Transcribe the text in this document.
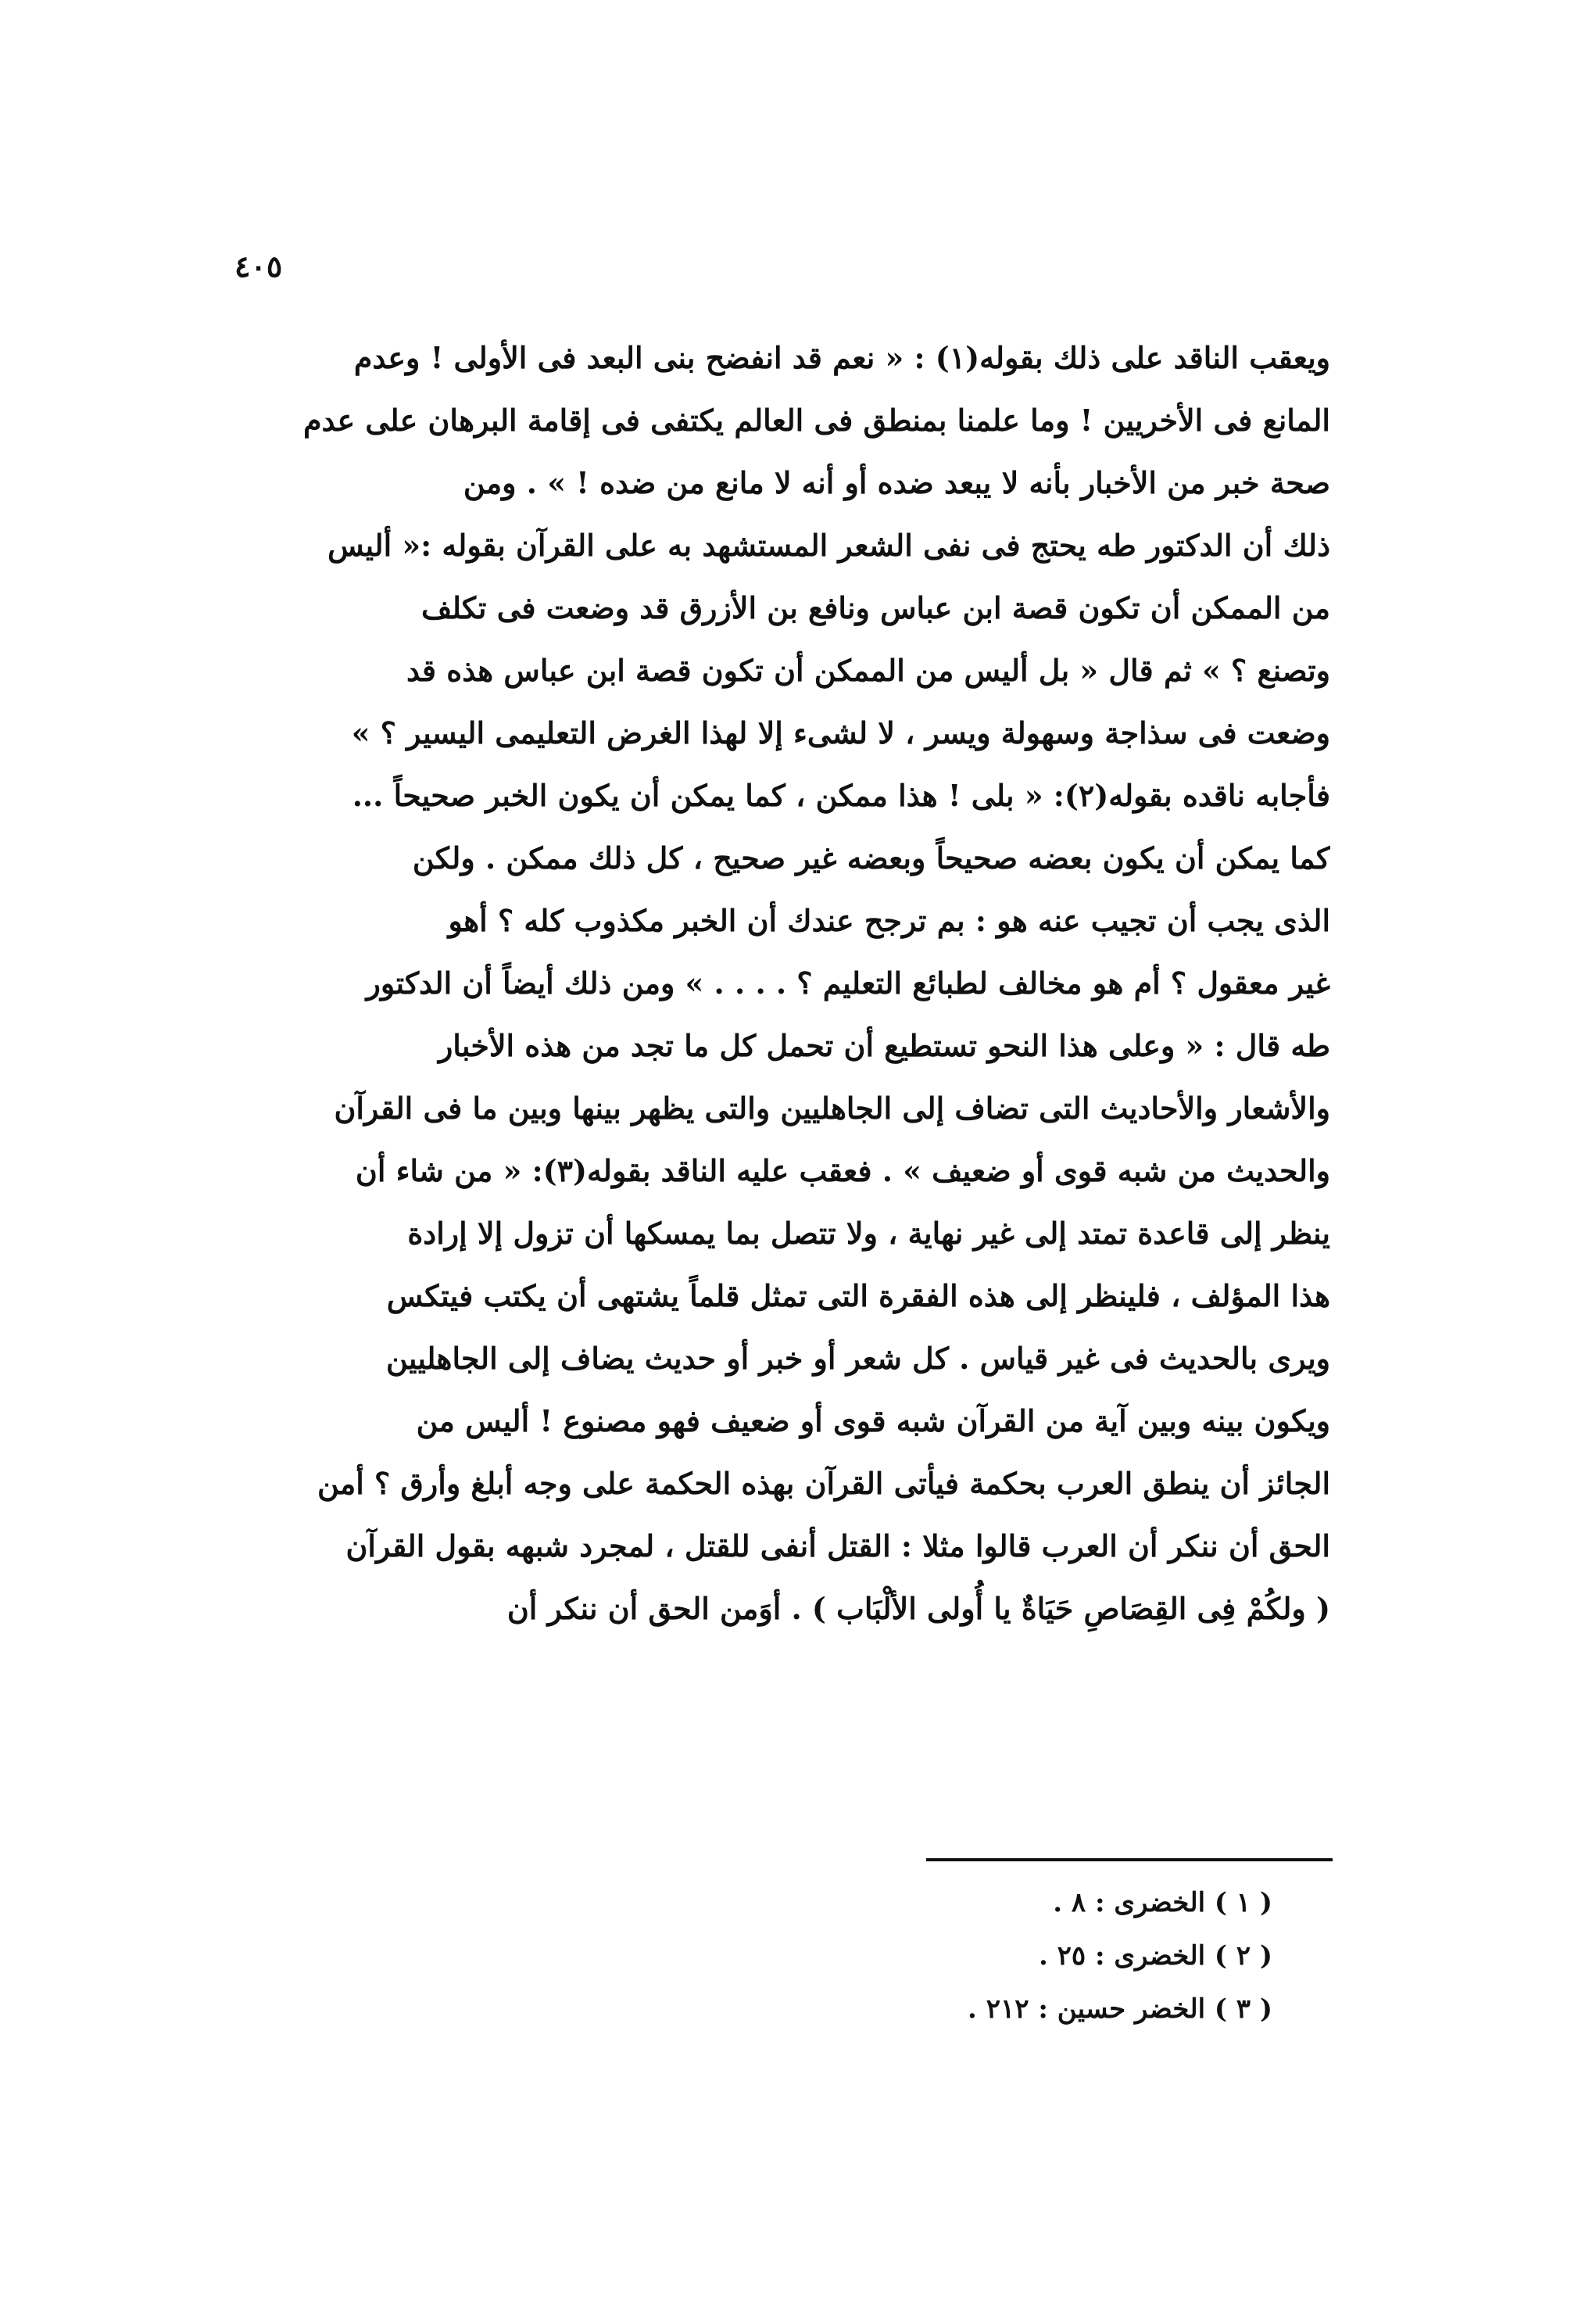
٤٠٥
ويعقب الناقد على ذلك بقوله(١) : « نعم قد انفضح بنى البعد فى الأولى ! وعدم
المانع فى الأخريين ! وما علمنا بمنطق فى العالم يكتفى فى إقامة البرهان على عدم
صحة خبر من الأخبار بأنه لا يبعد ضده أو أنه لا مانع من ضده ! » . ومن
ذلك أن الدكتور طه يحتج فى نفى الشعر المستشهد به على القرآن بقوله :« أليس
من الممكن أن تكون قصة ابن عباس ونافع بن الأزرق قد وضعت فى تكلف
وتصنع ؟ » ثم قال « بل أليس من الممكن أن تكون قصة ابن عباس هذه قد
وضعت فى سذاجة وسهولة ويسر ، لا لشىء إلا لهذا الغرض التعليمى اليسير ؟ »
فأجابه ناقده بقوله(٢): « بلى ! هذا ممكن ، كما يمكن أن يكون الخبر صحيحاً ...
كما يمكن أن يكون بعضه صحيحاً وبعضه غير صحيح ، كل ذلك ممكن . ولكن
الذى يجب أن تجيب عنه هو : بم ترجح عندك أن الخبر مكذوب كله ؟ أهو
غير معقول ؟ أم هو مخالف لطبائع التعليم ؟ . . . . » ومن ذلك أيضاً أن الدكتور
طه قال : « وعلى هذا النحو تستطيع أن تحمل كل ما تجد من هذه الأخبار
والأشعار والأحاديث التى تضاف إلى الجاهليين والتى يظهر بينها وبين ما فى القرآن
والحديث من شبه قوى أو ضعيف » . فعقب عليه الناقد بقوله(٣): « من شاء أن
ينظر إلى قاعدة تمتد إلى غير نهاية ، ولا تتصل بما يمسكها أن تزول إلا إرادة
هذا المؤلف ، فلينظر إلى هذه الفقرة التى تمثل قلماً يشتهى أن يكتب فيتكس
ويرى بالحديث فى غير قياس . كل شعر أو خبر أو حديث يضاف إلى الجاهليين
ويكون بينه وبين آية من القرآن شبه قوى أو ضعيف فهو مصنوع ! أليس من
الجائز أن ينطق العرب بحكمة فيأتى القرآن بهذه الحكمة على وجه أبلغ وأرق ؟ أمن
الحق أن ننكر أن العرب قالوا مثلا : القتل أنفى للقتل ، لمجرد شبهه بقول القرآن
( ولكُمْ فِى القِصَاصِ حَيَاةٌ يا أُولى الألْبَاب ) . أوَمن الحق أن ننكر أن
( ١ ) الخضرى : ٨ .
( ٢ ) الخضرى : ٢٥ .
( ٣ ) الخضر حسين : ٢١٢ .
